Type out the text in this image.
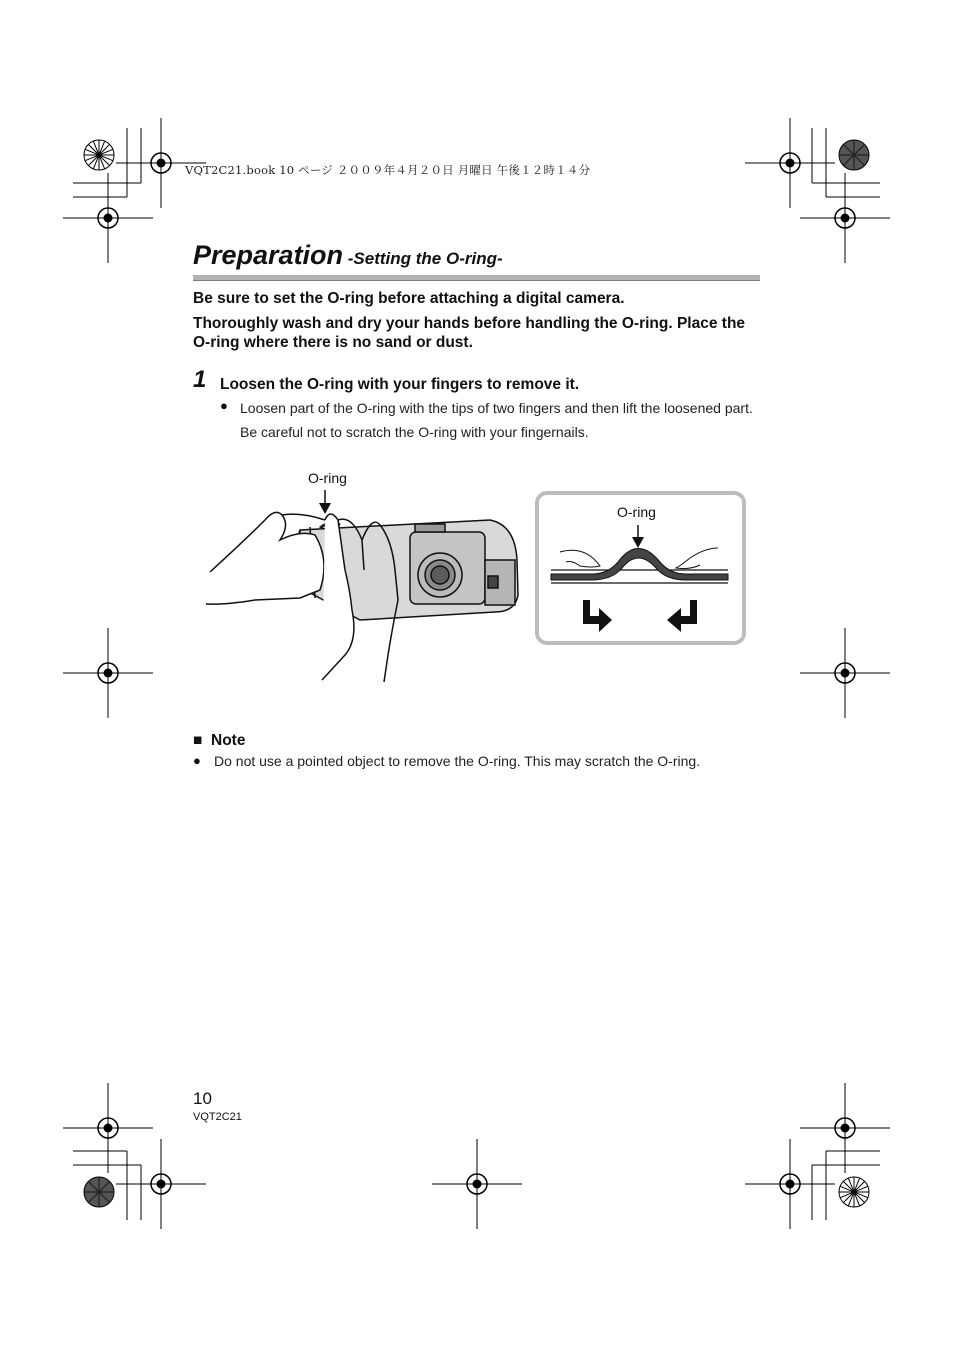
VQT2C21.book 10 ページ ２００９年４月２０日 月曜日 午後１２時１４分
Preparation -Setting the O-ring-
Be sure to set the O-ring before attaching a digital camera.
Thoroughly wash and dry your hands before handling the O-ring. Place the O-ring where there is no sand or dust.
1 Loosen the O-ring with your fingers to remove it.
● Loosen part of the O-ring with the tips of two fingers and then lift the loosened part. Be careful not to scratch the O-ring with your fingernails.
O-ring
O-ring
■ Note
● Do not use a pointed object to remove the O-ring. This may scratch the O-ring.
10
VQT2C21
